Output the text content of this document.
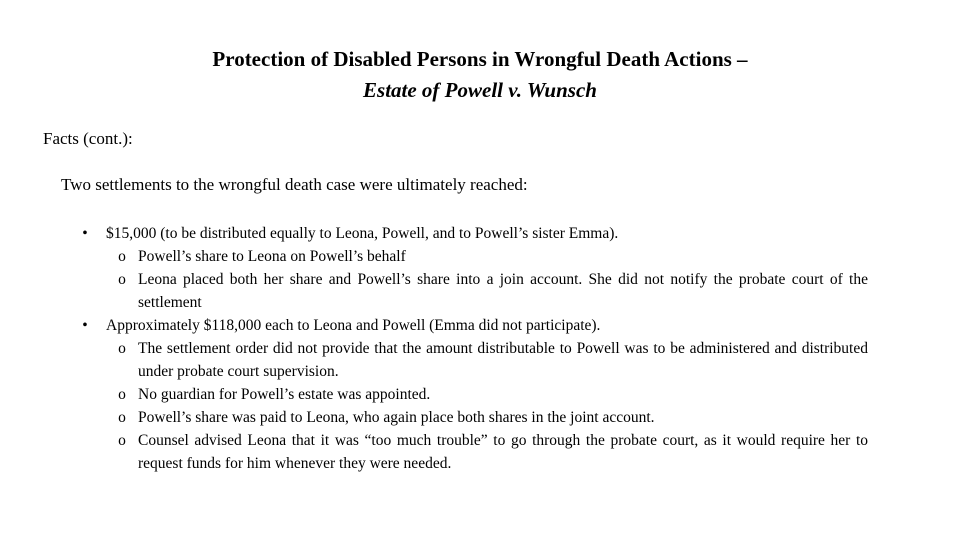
Protection of Disabled Persons in Wrongful Death Actions –
Estate of Powell v. Wunsch
Facts (cont.):
Two settlements to the wrongful death case were ultimately reached:
• $15,000 (to be distributed equally to Leona, Powell, and to Powell’s sister Emma).
o Powell’s share to Leona on Powell’s behalf
o Leona placed both her share and Powell’s share into a join account. She did not notify the probate court of the settlement
• Approximately $118,000 each to Leona and Powell (Emma did not participate).
o The settlement order did not provide that the amount distributable to Powell was to be administered and distributed under probate court supervision.
o No guardian for Powell’s estate was appointed.
o Powell’s share was paid to Leona, who again place both shares in the joint account.
o Counsel advised Leona that it was “too much trouble” to go through the probate court, as it would require her to request funds for him whenever they were needed.
